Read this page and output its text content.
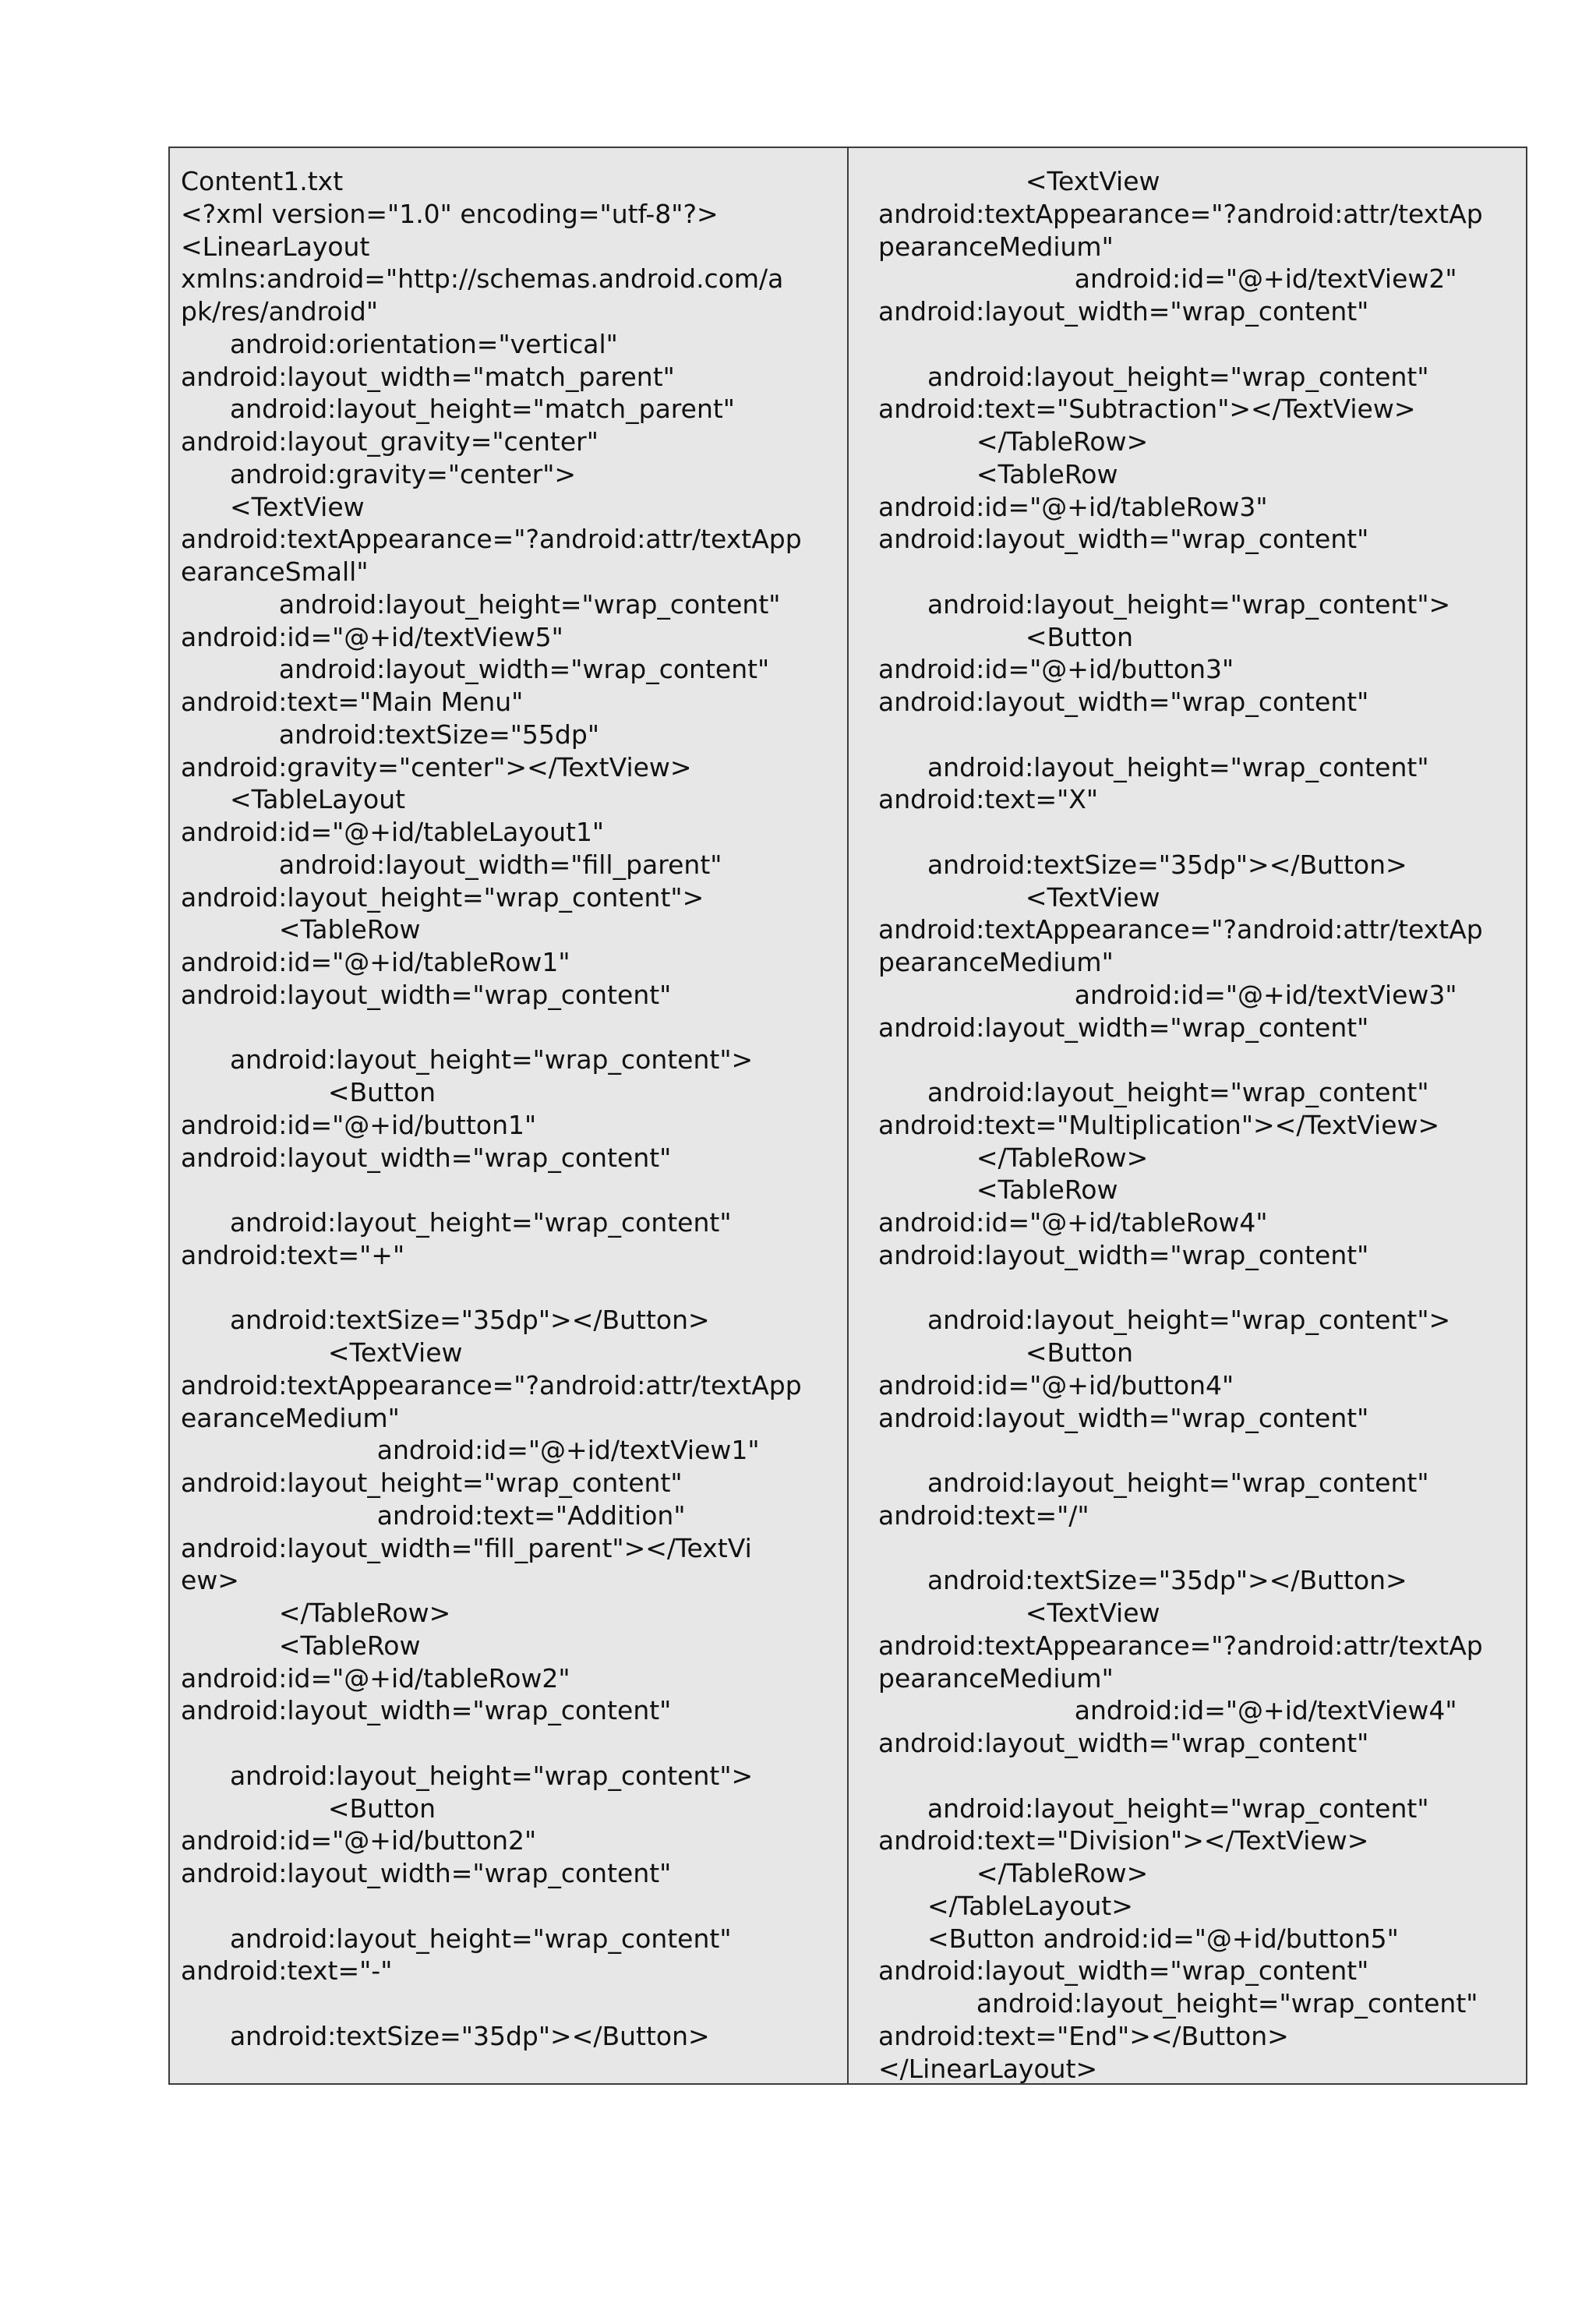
Content1.txt
<?xml version="1.0" encoding="utf-8"?>
<LinearLayout
xmlns:android="http://schemas.android.com/a
pk/res/android"
android:orientation="vertical"
android:layout_width="match_parent"
android:layout_height="match_parent"
android:layout_gravity="center"
android:gravity="center">
<TextView
android:textAppearance="?android:attr/textApp
earanceSmall"
android:layout_height="wrap_content"
android:id="@+id/textView5"
android:layout_width="wrap_content"
android:text="Main Menu"
android:textSize="55dp"
android:gravity="center"></TextView>
<TableLayout
android:id="@+id/tableLayout1"
android:layout_width="fill_parent"
android:layout_height="wrap_content">
<TableRow
android:id="@+id/tableRow1"
android:layout_width="wrap_content"
android:layout_height="wrap_content">
<Button
android:id="@+id/button1"
android:layout_width="wrap_content"
android:layout_height="wrap_content"
android:text="+"
android:textSize="35dp"></Button>
<TextView
android:textAppearance="?android:attr/textApp
earanceMedium"
android:id="@+id/textView1"
android:layout_height="wrap_content"
android:text="Addition"
android:layout_width="fill_parent"></TextVi
ew>
</TableRow>
<TableRow
android:id="@+id/tableRow2"
android:layout_width="wrap_content"
android:layout_height="wrap_content">
<Button
android:id="@+id/button2"
android:layout_width="wrap_content"
android:layout_height="wrap_content"
android:text="-"
android:textSize="35dp"></Button>
<TextView
android:textAppearance="?android:attr/textAp
pearanceMedium"
android:id="@+id/textView2"
android:layout_width="wrap_content"
android:layout_height="wrap_content"
android:text="Subtraction"></TextView>
</TableRow>
<TableRow
android:id="@+id/tableRow3"
android:layout_width="wrap_content"
android:layout_height="wrap_content">
<Button
android:id="@+id/button3"
android:layout_width="wrap_content"
android:layout_height="wrap_content"
android:text="X"
android:textSize="35dp"></Button>
<TextView
android:textAppearance="?android:attr/textAp
pearanceMedium"
android:id="@+id/textView3"
android:layout_width="wrap_content"
android:layout_height="wrap_content"
android:text="Multiplication"></TextView>
</TableRow>
<TableRow
android:id="@+id/tableRow4"
android:layout_width="wrap_content"
android:layout_height="wrap_content">
<Button
android:id="@+id/button4"
android:layout_width="wrap_content"
android:layout_height="wrap_content"
android:text="/"
android:textSize="35dp"></Button>
<TextView
android:textAppearance="?android:attr/textAp
pearanceMedium"
android:id="@+id/textView4"
android:layout_width="wrap_content"
android:layout_height="wrap_content"
android:text="Division"></TextView>
</TableRow>
</TableLayout>
<Button android:id="@+id/button5"
android:layout_width="wrap_content"
android:layout_height="wrap_content"
android:text="End"></Button>
</LinearLayout>
